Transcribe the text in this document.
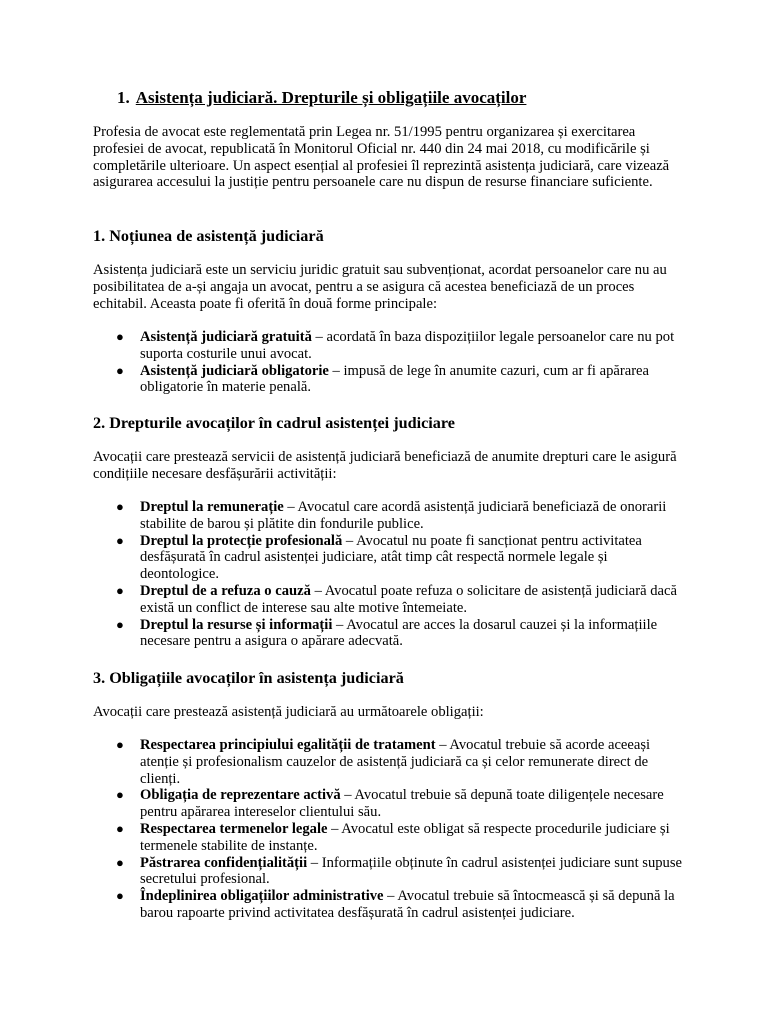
1. Asistența judiciară. Drepturile și obligațiile avocaților
Profesia de avocat este reglementată prin Legea nr. 51/1995 pentru organizarea și exercitarea profesiei de avocat, republicată în Monitorul Oficial nr. 440 din 24 mai 2018, cu modificările și completările ulterioare. Un aspect esențial al profesiei îl reprezintă asistența judiciară, care vizează asigurarea accesului la justiție pentru persoanele care nu dispun de resurse financiare suficiente.
1. Noțiunea de asistență judiciară
Asistența judiciară este un serviciu juridic gratuit sau subvenționat, acordat persoanelor care nu au posibilitatea de a-și angaja un avocat, pentru a se asigura că acestea beneficiază de un proces echitabil. Aceasta poate fi oferită în două forme principale:
● Asistență judiciară gratuită – acordată în baza dispozițiilor legale persoanelor care nu pot suporta costurile unui avocat.
● Asistență judiciară obligatorie – impusă de lege în anumite cazuri, cum ar fi apărarea obligatorie în materie penală.
2. Drepturile avocaților în cadrul asistenței judiciare
Avocații care prestează servicii de asistență judiciară beneficiază de anumite drepturi care le asigură condițiile necesare desfășurării activității:
● Dreptul la remunerație – Avocatul care acordă asistență judiciară beneficiază de onorarii stabilite de barou și plătite din fondurile publice.
● Dreptul la protecție profesională – Avocatul nu poate fi sancționat pentru activitatea desfășurată în cadrul asistenței judiciare, atât timp cât respectă normele legale și deontologice.
● Dreptul de a refuza o cauză – Avocatul poate refuza o solicitare de asistență judiciară dacă există un conflict de interese sau alte motive întemeiate.
● Dreptul la resurse și informații – Avocatul are acces la dosarul cauzei și la informațiile necesare pentru a asigura o apărare adecvată.
3. Obligațiile avocaților în asistența judiciară
Avocații care prestează asistență judiciară au următoarele obligații:
● Respectarea principiului egalității de tratament – Avocatul trebuie să acorde aceeași atenție și profesionalism cauzelor de asistență judiciară ca și celor remunerate direct de clienți.
● Obligația de reprezentare activă – Avocatul trebuie să depună toate diligențele necesare pentru apărarea intereselor clientului său.
● Respectarea termenelor legale – Avocatul este obligat să respecte procedurile judiciare și termenele stabilite de instanțe.
● Păstrarea confidențialității – Informațiile obținute în cadrul asistenței judiciare sunt supuse secretului profesional.
● Îndeplinirea obligațiilor administrative – Avocatul trebuie să întocmească și să depună la barou rapoarte privind activitatea desfășurată în cadrul asistenței judiciare.
